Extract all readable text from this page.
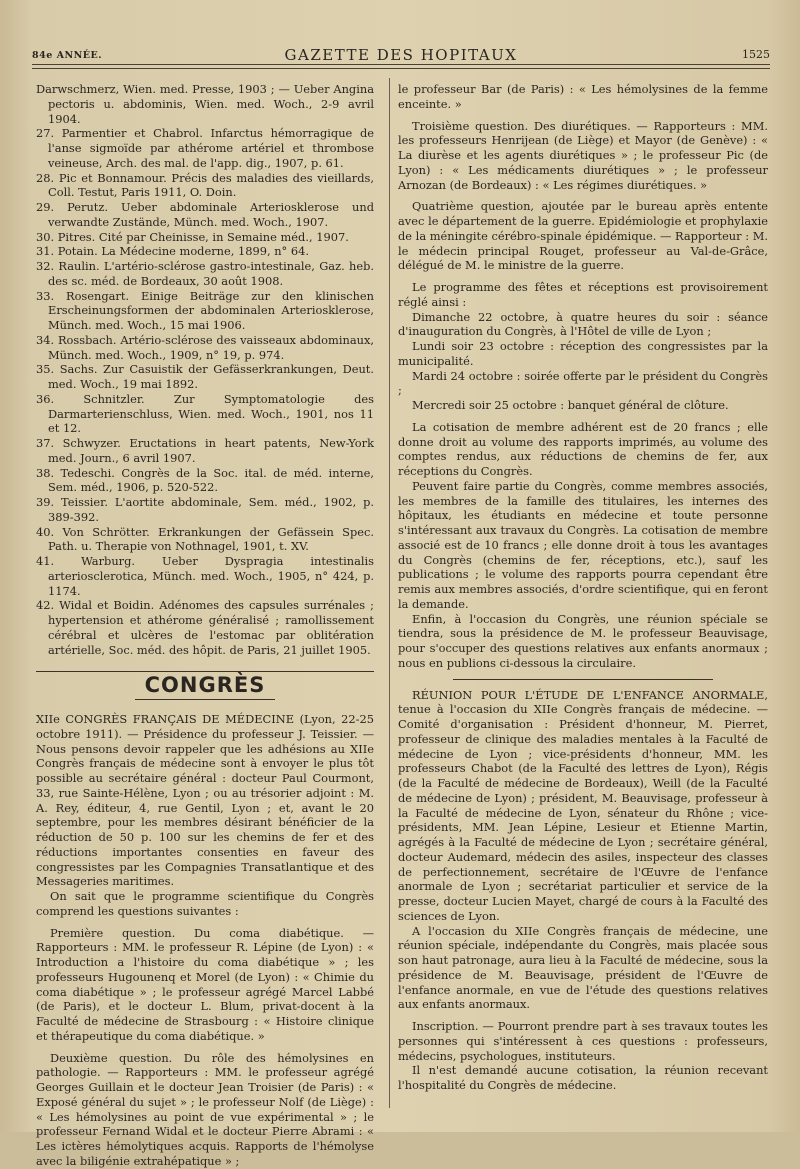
84e ANNÉE.	GAZETTE DES HOPITAUX	1525

Darwschmerz, Wien. med. Presse, 1903 ; — Ueber Angina pectoris u. abdominis, Wien. med. Woch., 2-9 avril 1904.

27. Parmentier et Chabrol. Infarctus hémorragique de l'anse sigmoïde par athérome artériel et thrombose veineuse, Arch. des mal. de l'app. dig., 1907, p. 61.

28. Pic et Bonnamour. Précis des maladies des vieillards, Coll. Testut, Paris 1911, O. Doin.

29. Perutz. Ueber abdominale Arteriosklerose und verwandte Zustände, Münch. med. Woch., 1907.

30. Pitres. Cité par Cheinisse, in Semaine méd., 1907.

31. Potain. La Médecine moderne, 1899, n° 64.

32. Raulin. L'artério-sclérose gastro-intestinale, Gaz. heb. des sc. méd. de Bordeaux, 30 août 1908.

33. Rosengart. Einige Beiträge zur den klinischen Erscheinungsformen der abdominalen Arteriosklerose, Münch. med. Woch., 15 mai 1906.

34. Rossbach. Artério-sclérose des vaisseaux abdominaux, Münch. med. Woch., 1909, n° 19, p. 974.

35. Sachs. Zur Casuistik der Gefässerkrankungen, Deut. med. Woch., 19 mai 1892.

36. Schnitzler. Zur Symptomatologie des Darmarterienschluss, Wien. med. Woch., 1901, nos 11 et 12.

37. Schwyzer. Eructations in heart patents, New-York med. Journ., 6 avril 1907.

38. Tedeschi. Congrès de la Soc. ital. de méd. interne, Sem. méd., 1906, p. 520-522.

39. Teissier. L'aortite abdominale, Sem. méd., 1902, p. 389-392.

40. Von Schrötter. Erkrankungen der Gefässein Spec. Path. u. Therapie von Nothnagel, 1901, t. XV.

41. Warburg. Ueber Dyspragia intestinalis arteriosclerotica, Münch. med. Woch., 1905, n° 424, p. 1174.

42. Widal et Boidin. Adénomes des capsules surrénales ; hypertension et athérome généralisé ; ramollissement cérébral et ulcères de l'estomac par oblitération artérielle, Soc. méd. des hôpit. de Paris, 21 juillet 1905.

CONGRÈS

XIIe CONGRÈS FRANÇAIS DE MÉDECINE (Lyon, 22-25 octobre 1911). — Présidence du professeur J. Teissier. — Nous pensons devoir rappeler que les adhésions au XIIe Congrès français de médecine sont à envoyer le plus tôt possible au secrétaire général : docteur Paul Courmont, 33, rue Sainte-Hélène, Lyon ; ou au trésorier adjoint : M. A. Rey, éditeur, 4, rue Gentil, Lyon ; et, avant le 20 septembre, pour les membres désirant bénéficier de la réduction de 50 p. 100 sur les chemins de fer et des réductions importantes consenties en faveur des congressistes par les Compagnies Transatlantique et des Messageries maritimes.

On sait que le programme scientifique du Congrès comprend les questions suivantes :

Première question. Du coma diabétique. — Rapporteurs : MM. le professeur R. Lépine (de Lyon) : « Introduction a l'histoire du coma diabétique » ; les professeurs Hugounenq et Morel (de Lyon) : « Chimie du coma diabétique » ; le professeur agrégé Marcel Labbé (de Paris), et le docteur L. Blum, privat-docent à la Faculté de médecine de Strasbourg : « Histoire clinique et thérapeutique du coma diabétique. »

Deuxième question. Du rôle des hémolysines en pathologie. — Rapporteurs : MM. le professeur agrégé Georges Guillain et le docteur Jean Troisier (de Paris) : « Exposé général du sujet » ; le professeur Nolf (de Liège) : « Les hémolysines au point de vue expérimental » ; le professeur Fernand Widal et le docteur Pierre Abrami : « Les ictères hémolytiques acquis. Rapports de l'hémolyse avec la biligénie extrahépatique » ;

le professeur Bar (de Paris) : « Les hémolysines de la femme enceinte. »

Troisième question. Des diurétiques. — Rapporteurs : MM. les professeurs Henrijean (de Liège) et Mayor (de Genève) : « La diurèse et les agents diurétiques » ; le professeur Pic (de Lyon) : « Les médicaments diurétiques » ; le professeur Arnozan (de Bordeaux) : « Les régimes diurétiques. »

Quatrième question, ajoutée par le bureau après entente avec le département de la guerre. Epidémiologie et prophylaxie de la méningite cérébro-spinale épidémique. — Rapporteur : M. le médecin principal Rouget, professeur au Val-de-Grâce, délégué de M. le ministre de la guerre.

Le programme des fêtes et réceptions est provisoirement réglé ainsi :

Dimanche 22 octobre, à quatre heures du soir : séance d'inauguration du Congrès, à l'Hôtel de ville de Lyon ;

Lundi soir 23 octobre : réception des congressistes par la municipalité.

Mardi 24 octobre : soirée offerte par le président du Congrès ;

Mercredi soir 25 octobre : banquet général de clôture.

La cotisation de membre adhérent est de 20 francs ; elle donne droit au volume des rapports imprimés, au volume des comptes rendus, aux réductions de chemins de fer, aux réceptions du Congrès.

Peuvent faire partie du Congrès, comme membres associés, les membres de la famille des titulaires, les internes des hôpitaux, les étudiants en médecine et toute personne s'intéressant aux travaux du Congrès. La cotisation de membre associé est de 10 francs ; elle donne droit à tous les avantages du Congrès (chemins de fer, réceptions, etc.), sauf les publications ; le volume des rapports pourra cependant être remis aux membres associés, d'ordre scientifique, qui en feront la demande.

Enfin, à l'occasion du Congrès, une réunion spéciale se tiendra, sous la présidence de M. le professeur Beauvisage, pour s'occuper des questions relatives aux enfants anormaux ; nous en publions ci-dessous la circulaire.

RÉUNION POUR L'ÉTUDE DE L'ENFANCE ANORMALE, tenue à l'occasion du XIIe Congrès français de médecine. — Comité d'organisation : Président d'honneur, M. Pierret, professeur de clinique des maladies mentales à la Faculté de médecine de Lyon ; vice-présidents d'honneur, MM. les professeurs Chabot (de la Faculté des lettres de Lyon), Régis (de la Faculté de médecine de Bordeaux), Weill (de la Faculté de médecine de Lyon) ; président, M. Beauvisage, professeur à la Faculté de médecine de Lyon, sénateur du Rhône ; vice-présidents, MM. Jean Lépine, Lesieur et Etienne Martin, agrégés à la Faculté de médecine de Lyon ; secrétaire général, docteur Audemard, médecin des asiles, inspecteur des classes de perfectionnement, secrétaire de l'Œuvre de l'enfance anormale de Lyon ; secrétariat particulier et service de la presse, docteur Lucien Mayet, chargé de cours à la Faculté des sciences de Lyon.

A l'occasion du XIIe Congrès français de médecine, une réunion spéciale, indépendante du Congrès, mais placée sous son haut patronage, aura lieu à la Faculté de médecine, sous la présidence de M. Beauvisage, président de l'Œuvre de l'enfance anormale, en vue de l'étude des questions relatives aux enfants anormaux.

Inscription. — Pourront prendre part à ses travaux toutes les personnes qui s'intéressent à ces questions : professeurs, médecins, psychologues, instituteurs.

Il n'est demandé aucune cotisation, la réunion recevant l'hospitalité du Congrès de médecine.
